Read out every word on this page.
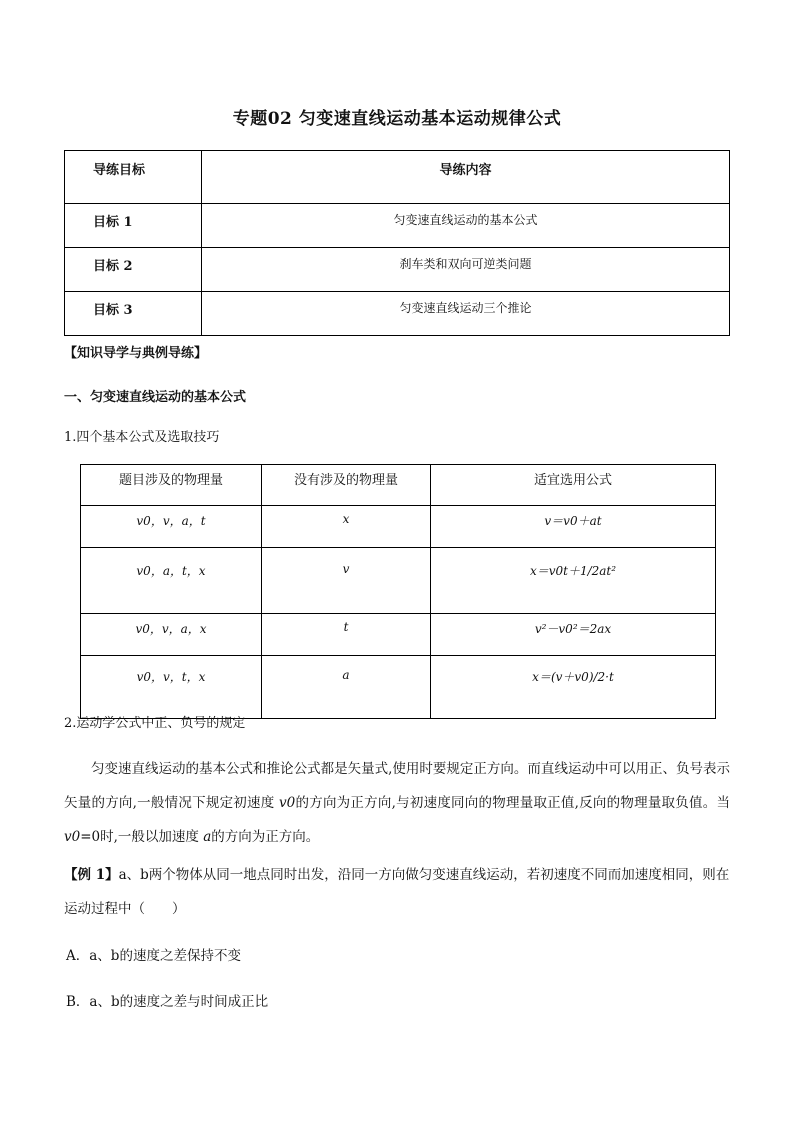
专题02 匀变速直线运动基本运动规律公式
导练目标	导练内容
目标 1	匀变速直线运动的基本公式
目标 2	刹车类和双向可逆类问题
目标 3	匀变速直线运动三个推论
【知识导学与典例导练】
一、匀变速直线运动的基本公式
1.四个基本公式及选取技巧
题目涉及的物理量	没有涉及的物理量	适宜选用公式
v0，v，a，t	x	v＝v0＋at
v0，a，t，x	v	x＝v0t＋1/2at²
v0，v，a，x	t	v²－v0²＝2ax
v0，v，t，x	a	x＝(v＋v0)/2·t
2.运动学公式中正、负号的规定
匀变速直线运动的基本公式和推论公式都是矢量式,使用时要规定正方向。而直线运动中可以用正、负号表示矢量的方向,一般情况下规定初速度 v0的方向为正方向,与初速度同向的物理量取正值,反向的物理量取负值。当 v0=0时,一般以加速度 a的方向为正方向。
【例 1】a、b两个物体从同一地点同时出发，沿同一方向做匀变速直线运动，若初速度不同而加速度相同，则在运动过程中（　　）
A．a、b的速度之差保持不变
B．a、b的速度之差与时间成正比
